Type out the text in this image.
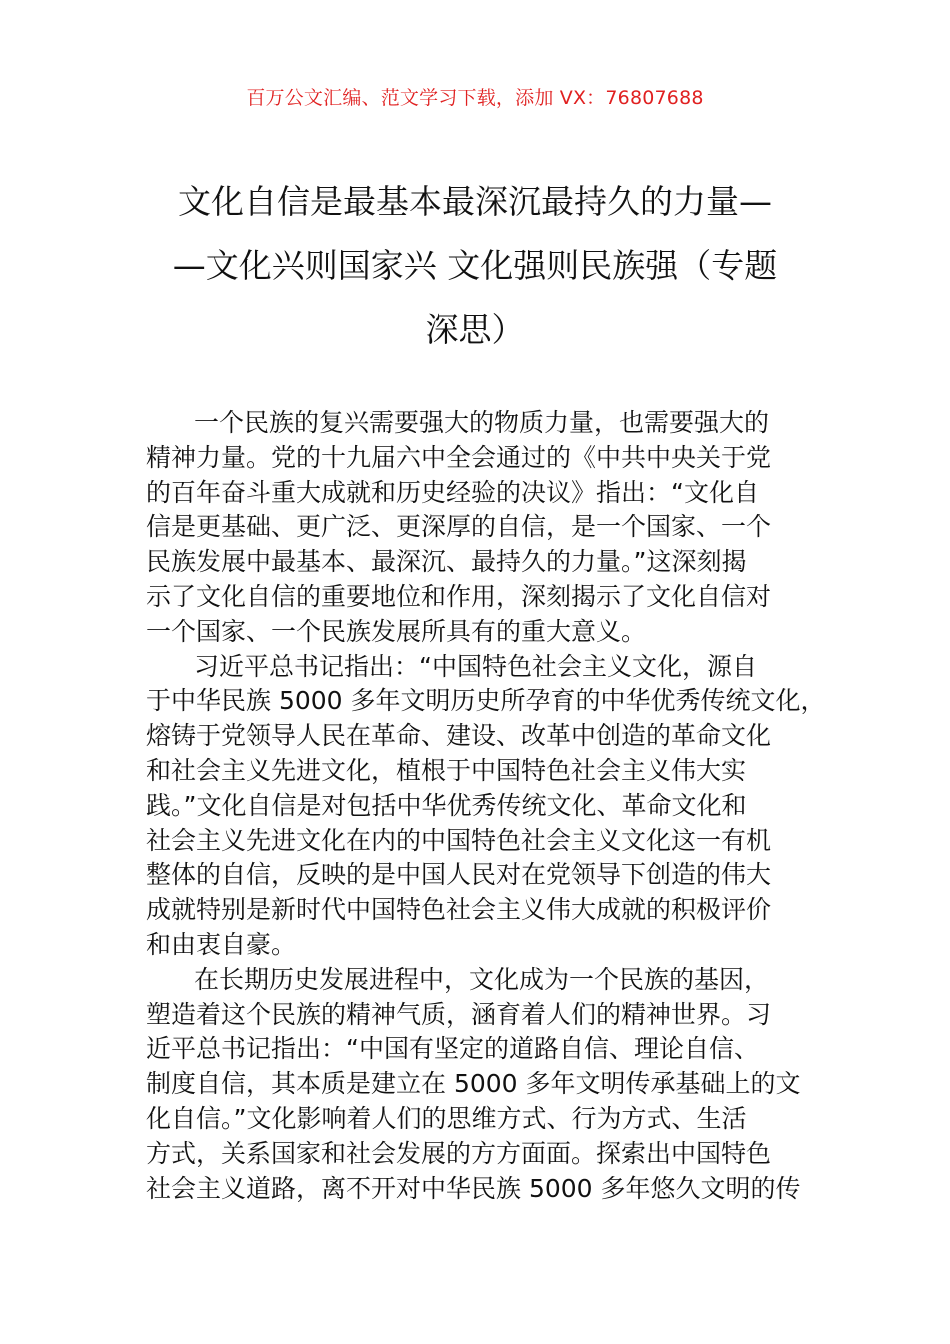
百万公文汇编、范文学习下载，添加 VX：76807688
文化自信是最基本最深沉最持久的力量—
—文化兴则国家兴 文化强则民族强（专题
深思）
一个民族的复兴需要强大的物质力量，也需要强大的
精神力量。党的十九届六中全会通过的《中共中央关于党
的百年奋斗重大成就和历史经验的决议》指出：“文化自
信是更基础、更广泛、更深厚的自信，是一个国家、一个
民族发展中最基本、最深沉、最持久的力量。”这深刻揭
示了文化自信的重要地位和作用，深刻揭示了文化自信对
一个国家、一个民族发展所具有的重大意义。
习近平总书记指出：“中国特色社会主义文化，源自
于中华民族 5000 多年文明历史所孕育的中华优秀传统文化，
熔铸于党领导人民在革命、建设、改革中创造的革命文化
和社会主义先进文化，植根于中国特色社会主义伟大实
践。”文化自信是对包括中华优秀传统文化、革命文化和
社会主义先进文化在内的中国特色社会主义文化这一有机
整体的自信，反映的是中国人民对在党领导下创造的伟大
成就特别是新时代中国特色社会主义伟大成就的积极评价
和由衷自豪。
在长期历史发展进程中，文化成为一个民族的基因，
塑造着这个民族的精神气质，涵育着人们的精神世界。习
近平总书记指出：“中国有坚定的道路自信、理论自信、
制度自信，其本质是建立在 5000 多年文明传承基础上的文
化自信。”文化影响着人们的思维方式、行为方式、生活
方式，关系国家和社会发展的方方面面。探索出中国特色
社会主义道路，离不开对中华民族 5000 多年悠久文明的传
